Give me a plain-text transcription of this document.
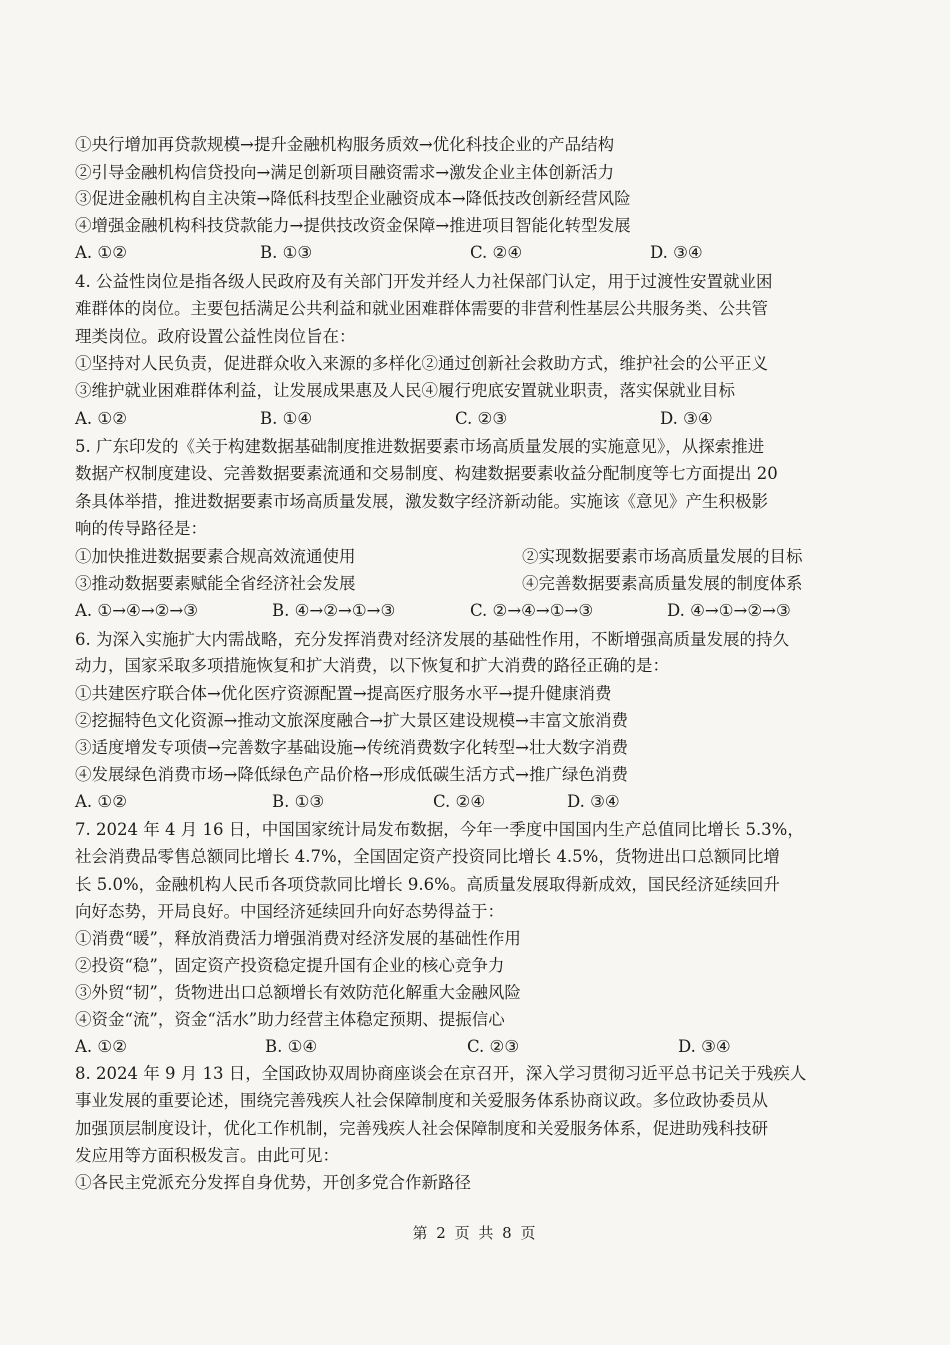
①央行增加再贷款规模→提升金融机构服务质效→优化科技企业的产品结构
②引导金融机构信贷投向→满足创新项目融资需求→激发企业主体创新活力
③促进金融机构自主决策→降低科技型企业融资成本→降低技改创新经营风险
④增强金融机构科技贷款能力→提供技改资金保障→推进项目智能化转型发展
A. ①②	B. ①③	C. ②④	D. ③④
4. 公益性岗位是指各级人民政府及有关部门开发并经人力社保部门认定，用于过渡性安置就业困
难群体的岗位。主要包括满足公共利益和就业困难群体需要的非营利性基层公共服务类、公共管
理类岗位。政府设置公益性岗位旨在：
①坚持对人民负责，促进群众收入来源的多样化②通过创新社会救助方式，维护社会的公平正义
③维护就业困难群体利益，让发展成果惠及人民④履行兜底安置就业职责，落实保就业目标
A. ①②	B. ①④	C. ②③	D. ③④
5. 广东印发的《关于构建数据基础制度推进数据要素市场高质量发展的实施意见》，从探索推进
数据产权制度建设、完善数据要素流通和交易制度、构建数据要素收益分配制度等七方面提出 20
条具体举措，推进数据要素市场高质量发展，激发数字经济新动能。实施该《意见》产生积极影
响的传导路径是：
①加快推进数据要素合规高效流通使用	②实现数据要素市场高质量发展的目标
③推动数据要素赋能全省经济社会发展	④完善数据要素高质量发展的制度体系
A. ①→④→②→③	B. ④→②→①→③	C. ②→④→①→③	D. ④→①→②→③
6. 为深入实施扩大内需战略，充分发挥消费对经济发展的基础性作用，不断增强高质量发展的持久
动力，国家采取多项措施恢复和扩大消费，以下恢复和扩大消费的路径正确的是：
①共建医疗联合体→优化医疗资源配置→提高医疗服务水平→提升健康消费
②挖掘特色文化资源→推动文旅深度融合→扩大景区建设规模→丰富文旅消费
③适度增发专项债→完善数字基础设施→传统消费数字化转型→壮大数字消费
④发展绿色消费市场→降低绿色产品价格→形成低碳生活方式→推广绿色消费
A. ①②	B. ①③	C. ②④	D. ③④
7. 2024 年 4 月 16 日，中国国家统计局发布数据，今年一季度中国国内生产总值同比增长 5.3%，
社会消费品零售总额同比增长 4.7%，全国固定资产投资同比增长 4.5%，货物进出口总额同比增
长 5.0%，金融机构人民币各项贷款同比增长 9.6%。高质量发展取得新成效，国民经济延续回升
向好态势，开局良好。中国经济延续回升向好态势得益于：
①消费“暖”，释放消费活力增强消费对经济发展的基础性作用
②投资“稳”，固定资产投资稳定提升国有企业的核心竞争力
③外贸“韧”，货物进出口总额增长有效防范化解重大金融风险
④资金“流”，资金“活水”助力经营主体稳定预期、提振信心
A. ①②	B. ①④	C. ②③	D. ③④
8. 2024 年 9 月 13 日，全国政协双周协商座谈会在京召开，深入学习贯彻习近平总书记关于残疾人
事业发展的重要论述，围绕完善残疾人社会保障制度和关爱服务体系协商议政。多位政协委员从
加强顶层制度设计，优化工作机制，完善残疾人社会保障制度和关爱服务体系，促进助残科技研
发应用等方面积极发言。由此可见：
①各民主党派充分发挥自身优势，开创多党合作新路径
第 2 页 共 8 页
